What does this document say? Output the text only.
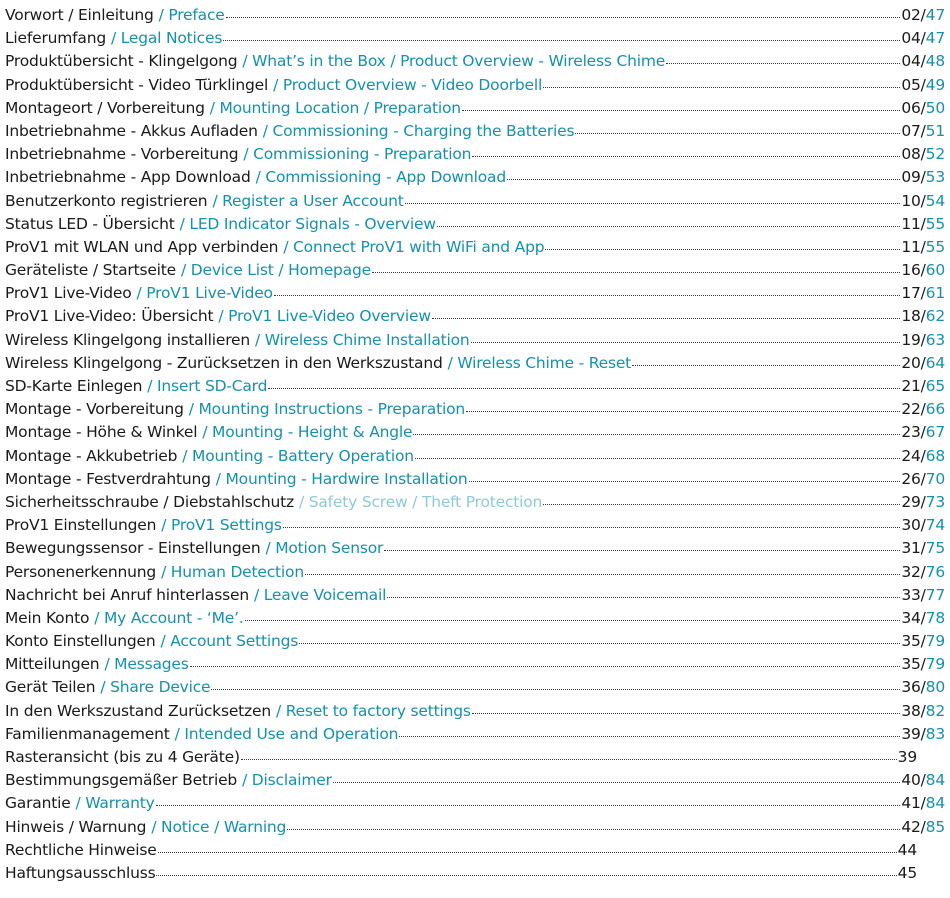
Vorwort / Einleitung / Preface	02/47
Lieferumfang / Legal Notices	04/47
Produktübersicht - Klingelgong / What’s in the Box / Product Overview - Wireless Chime	04/48
Produktübersicht - Video Türklingel / Product Overview - Video Doorbell	05/49
Montageort / Vorbereitung / Mounting Location / Preparation	06/50
Inbetriebnahme - Akkus Aufladen / Commissioning - Charging the Batteries	07/51
Inbetriebnahme - Vorbereitung / Commissioning - Preparation	08/52
Inbetriebnahme - App Download / Commissioning - App Download	09/53
Benutzerkonto registrieren / Register a User Account	10/54
Status LED - Übersicht / LED Indicator Signals - Overview	11/55
ProV1 mit WLAN und App verbinden / Connect ProV1 with WiFi and App	11/55
Geräteliste / Startseite / Device List / Homepage	16/60
ProV1 Live-Video / ProV1 Live-Video	17/61
ProV1 Live-Video: Übersicht / ProV1 Live-Video Overview	18/62
Wireless Klingelgong installieren / Wireless Chime Installation	19/63
Wireless Klingelgong - Zurücksetzen in den Werkszustand / Wireless Chime - Reset	20/64
SD-Karte Einlegen / Insert SD-Card	21/65
Montage - Vorbereitung / Mounting Instructions - Preparation	22/66
Montage - Höhe & Winkel / Mounting - Height & Angle	23/67
Montage - Akkubetrieb / Mounting - Battery Operation	24/68
Montage - Festverdrahtung / Mounting - Hardwire Installation	26/70
Sicherheitsschraube / Diebstahlschutz / Safety Screw / Theft Protection	29/73
ProV1 Einstellungen / ProV1 Settings	30/74
Bewegungssensor - Einstellungen / Motion Sensor	31/75
Personenerkennung / Human Detection	32/76
Nachricht bei Anruf hinterlassen / Leave Voicemail	33/77
Mein Konto / My Account - ‘Me’.	34/78
Konto Einstellungen / Account Settings	35/79
Mitteilungen / Messages	35/79
Gerät Teilen / Share Device	36/80
In den Werkszustand Zurücksetzen / Reset to factory settings	38/82
Familienmanagement / Intended Use and Operation	39/83
Rasteransicht (bis zu 4 Geräte)	39
Bestimmungsgemäßer Betrieb / Disclaimer	40/84
Garantie / Warranty	41/84
Hinweis / Warnung / Notice / Warning	42/85
Rechtliche Hinweise	44
Haftungsausschluss	45
